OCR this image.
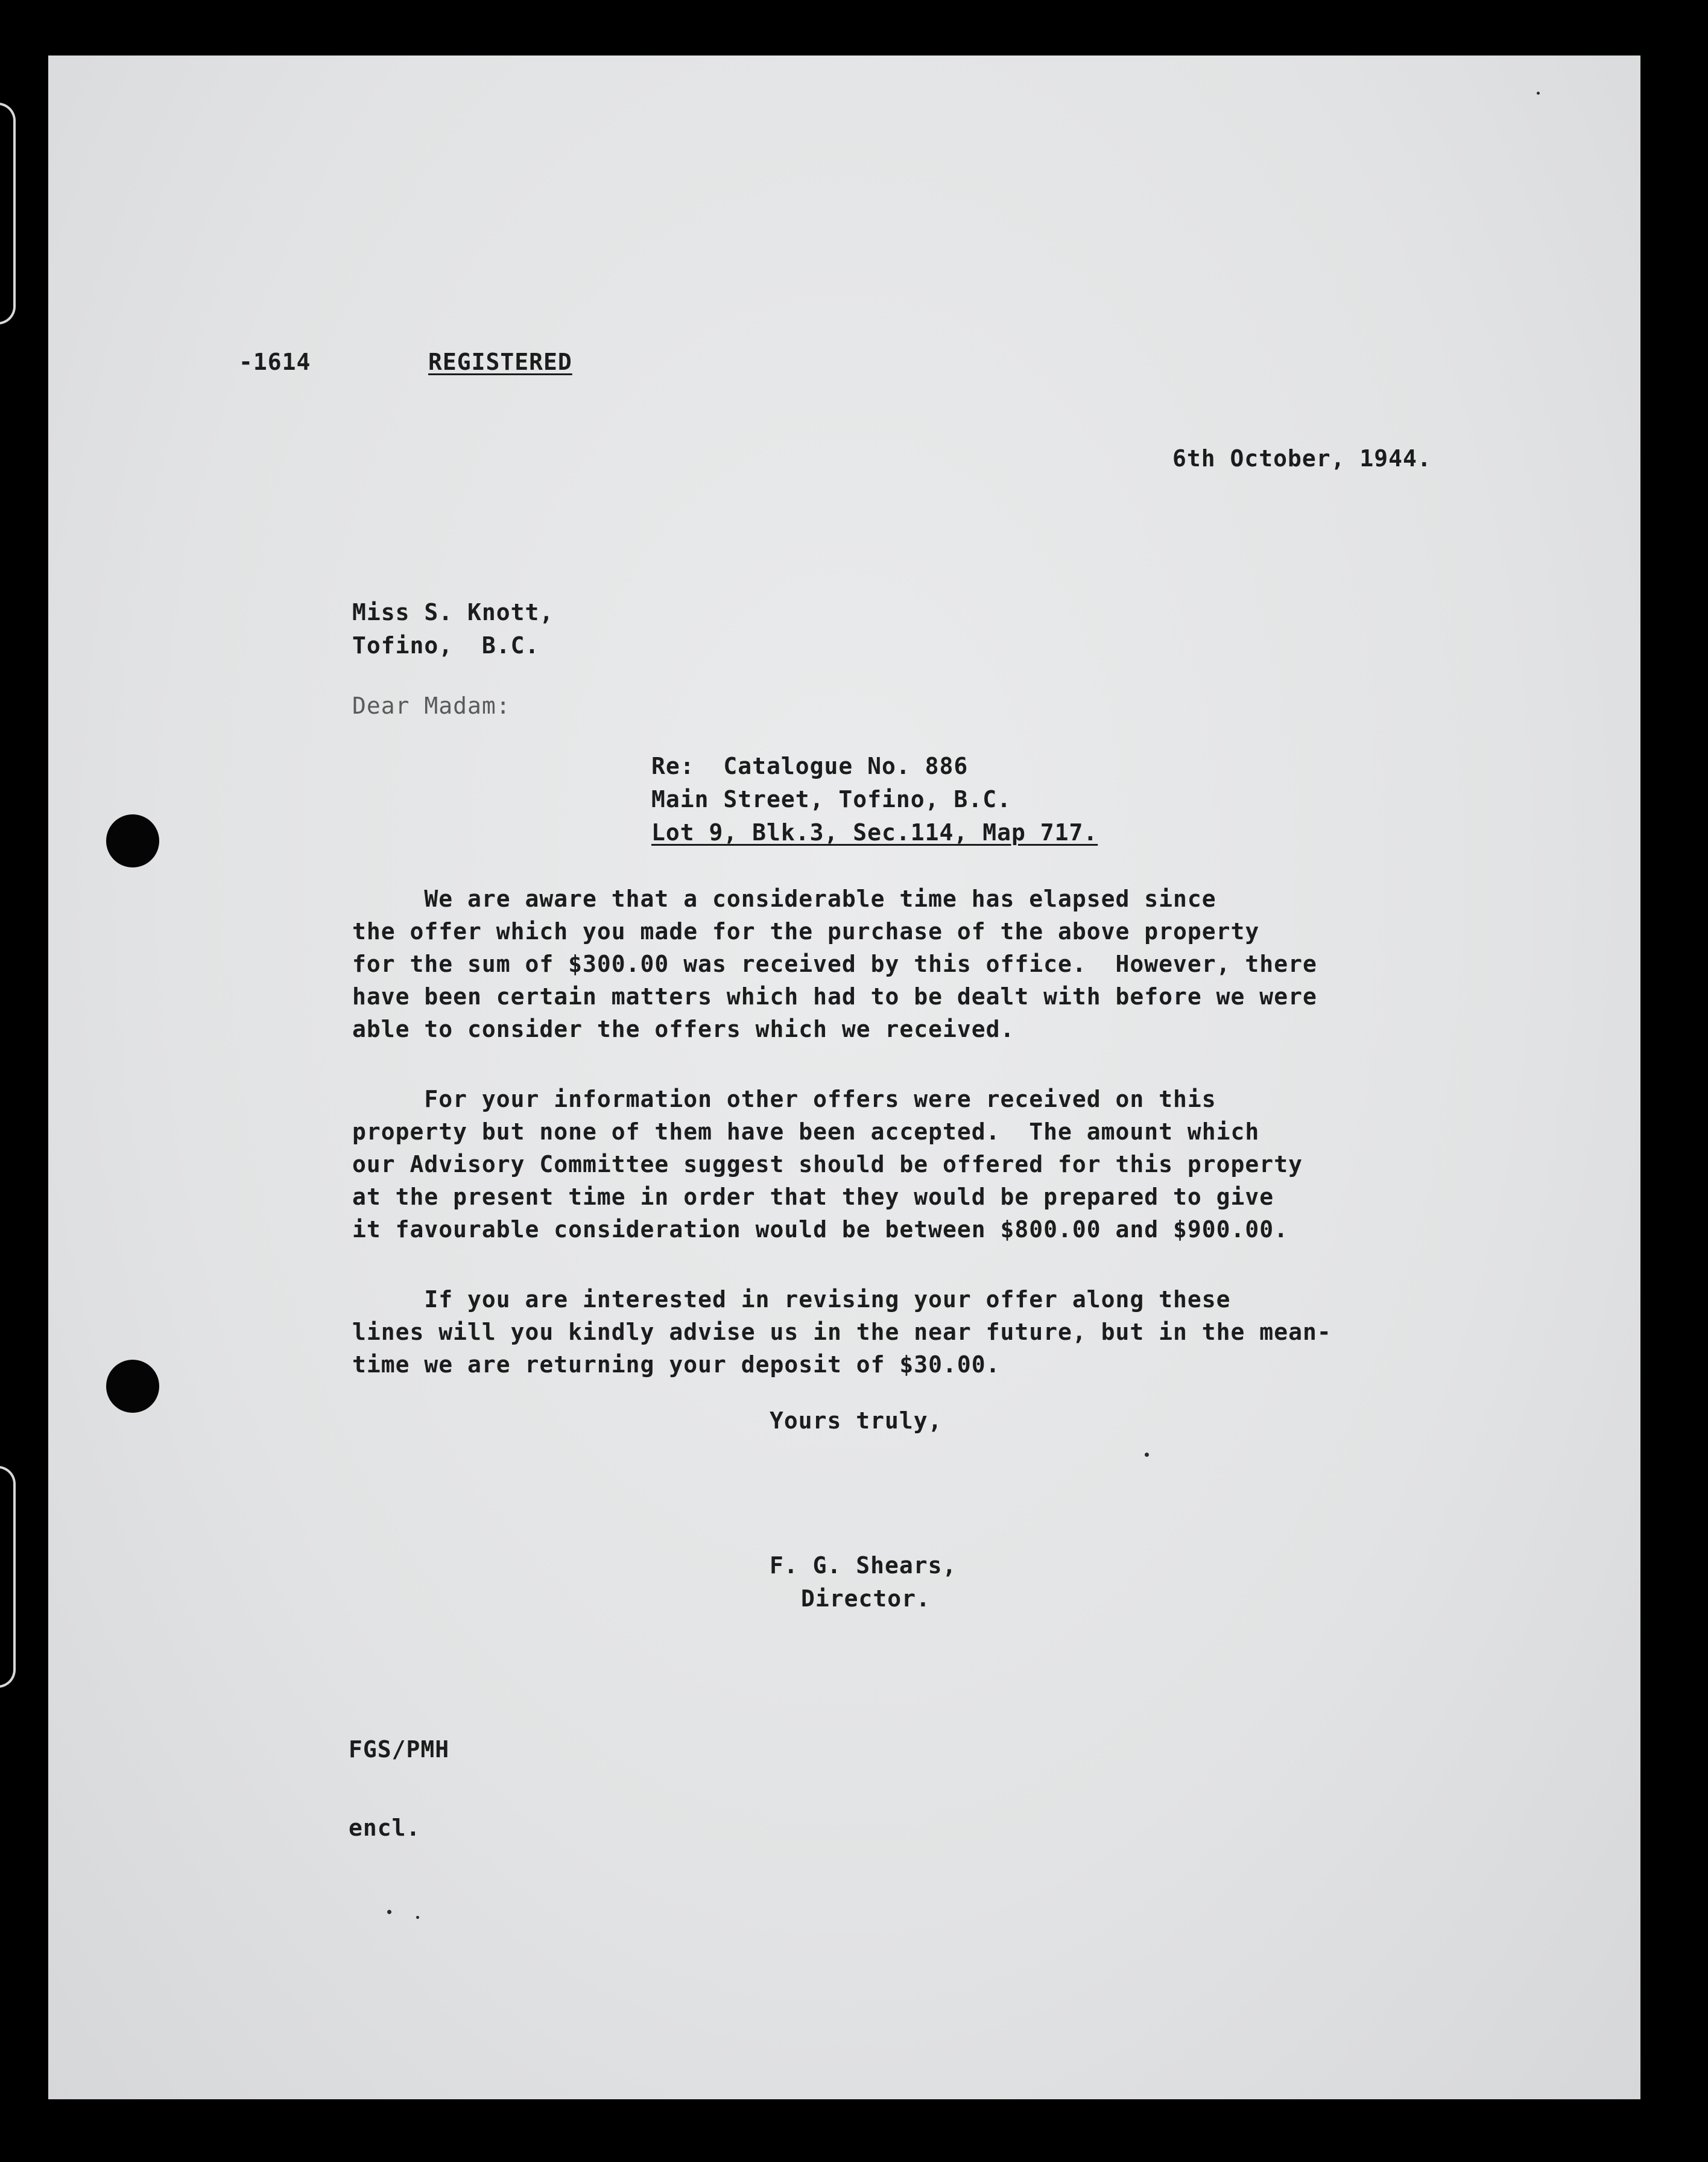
-1614	REGISTERED
6th October, 1944.
Miss S. Knott,
Tofino,  B.C.
Dear Madam:
Re:  Catalogue No. 886
Main Street, Tofino, B.C.
Lot 9, Blk.3, Sec.114, Map 717.
We are aware that a considerable time has elapsed since
the offer which you made for the purchase of the above property
for the sum of $300.00 was received by this office.  However, there
have been certain matters which had to be dealt with before we were
able to consider the offers which we received.
For your information other offers were received on this
property but none of them have been accepted.  The amount which
our Advisory Committee suggest should be offered for this property
at the present time in order that they would be prepared to give
it favourable consideration would be between $800.00 and $900.00.
If you are interested in revising your offer along these
lines will you kindly advise us in the near future, but in the mean-
time we are returning your deposit of $30.00.
Yours truly,
F. G. Shears,
Director.
FGS/PMH
encl.
